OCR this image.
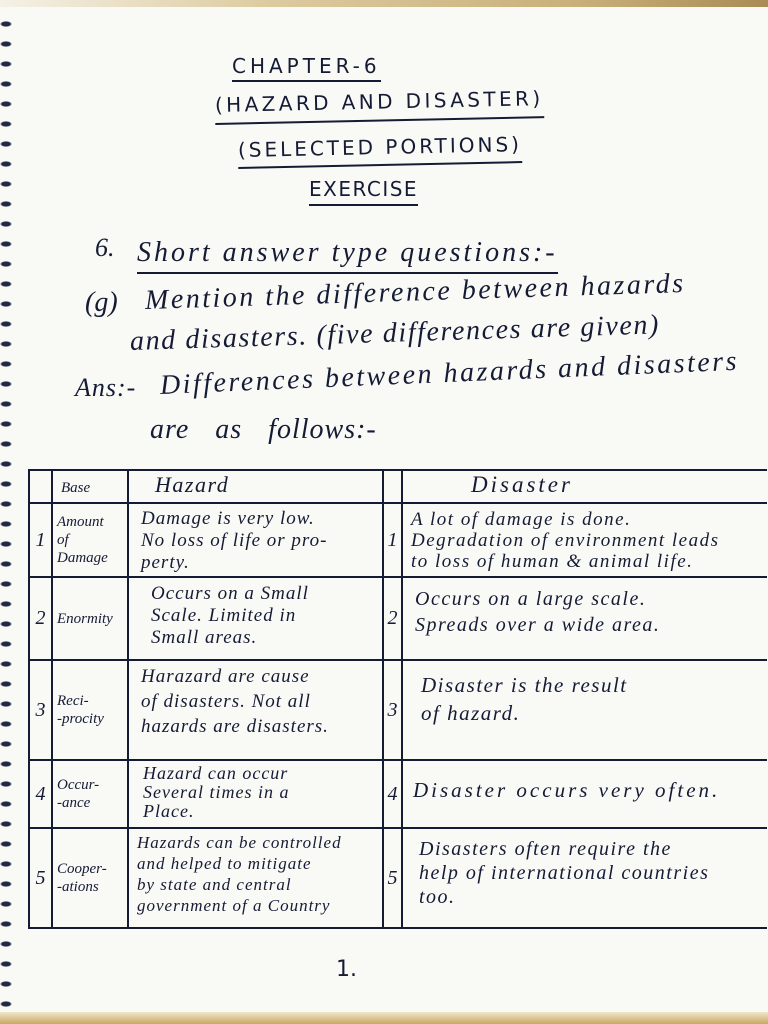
CHAPTER-6
(HAZARD AND DISASTER)
(SELECTED PORTIONS)
EXERCISE
6. Short answer type questions:-
(g) Mention the difference between hazards
and disasters. (five differences are given)
Ans:- Differences between hazards and disasters
are as follows:-
Base	Hazard	Disaster
1
Amount
of
Damage
Damage is very low.
No loss of life or pro-
perty.
1
A lot of damage is done.
Degradation of environment leads
to loss of human & animal life.
2 Enormity
Occurs on a Small
Scale. Limited in
Small areas.
2
Occurs on a large scale.
Spreads over a wide area.
3 Reci-
-procity
Harazard are cause
of disasters. Not all
hazards are disasters.
3
Disaster is the result
of hazard.
4 Occur-
-ance
Hazard can occur
Several times in a
Place.
4 Disaster occurs very often.
5 Cooper-
-ations
Hazards can be controlled
and helped to mitigate
by state and central
government of a Country
5
Disasters often require the
help of international countries
too.
1.
